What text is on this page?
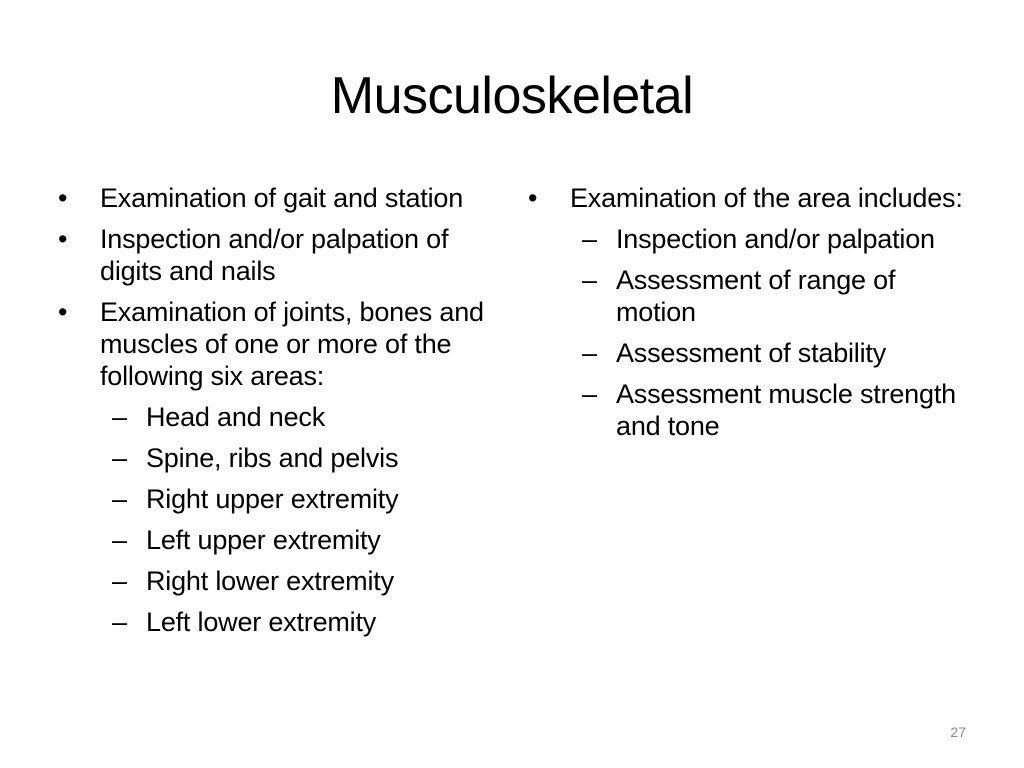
Musculoskeletal
•	Examination of gait and station
•	Inspection and/or palpation of digits and nails
•	Examination of joints, bones and muscles of one or more of the following six areas:
– Head and neck
– Spine, ribs and pelvis
– Right upper extremity
– Left upper extremity
– Right lower extremity
– Left lower extremity
•	Examination of the area includes:
– Inspection and/or palpation
– Assessment of range of motion
– Assessment of stability
– Assessment muscle strength and tone
27
